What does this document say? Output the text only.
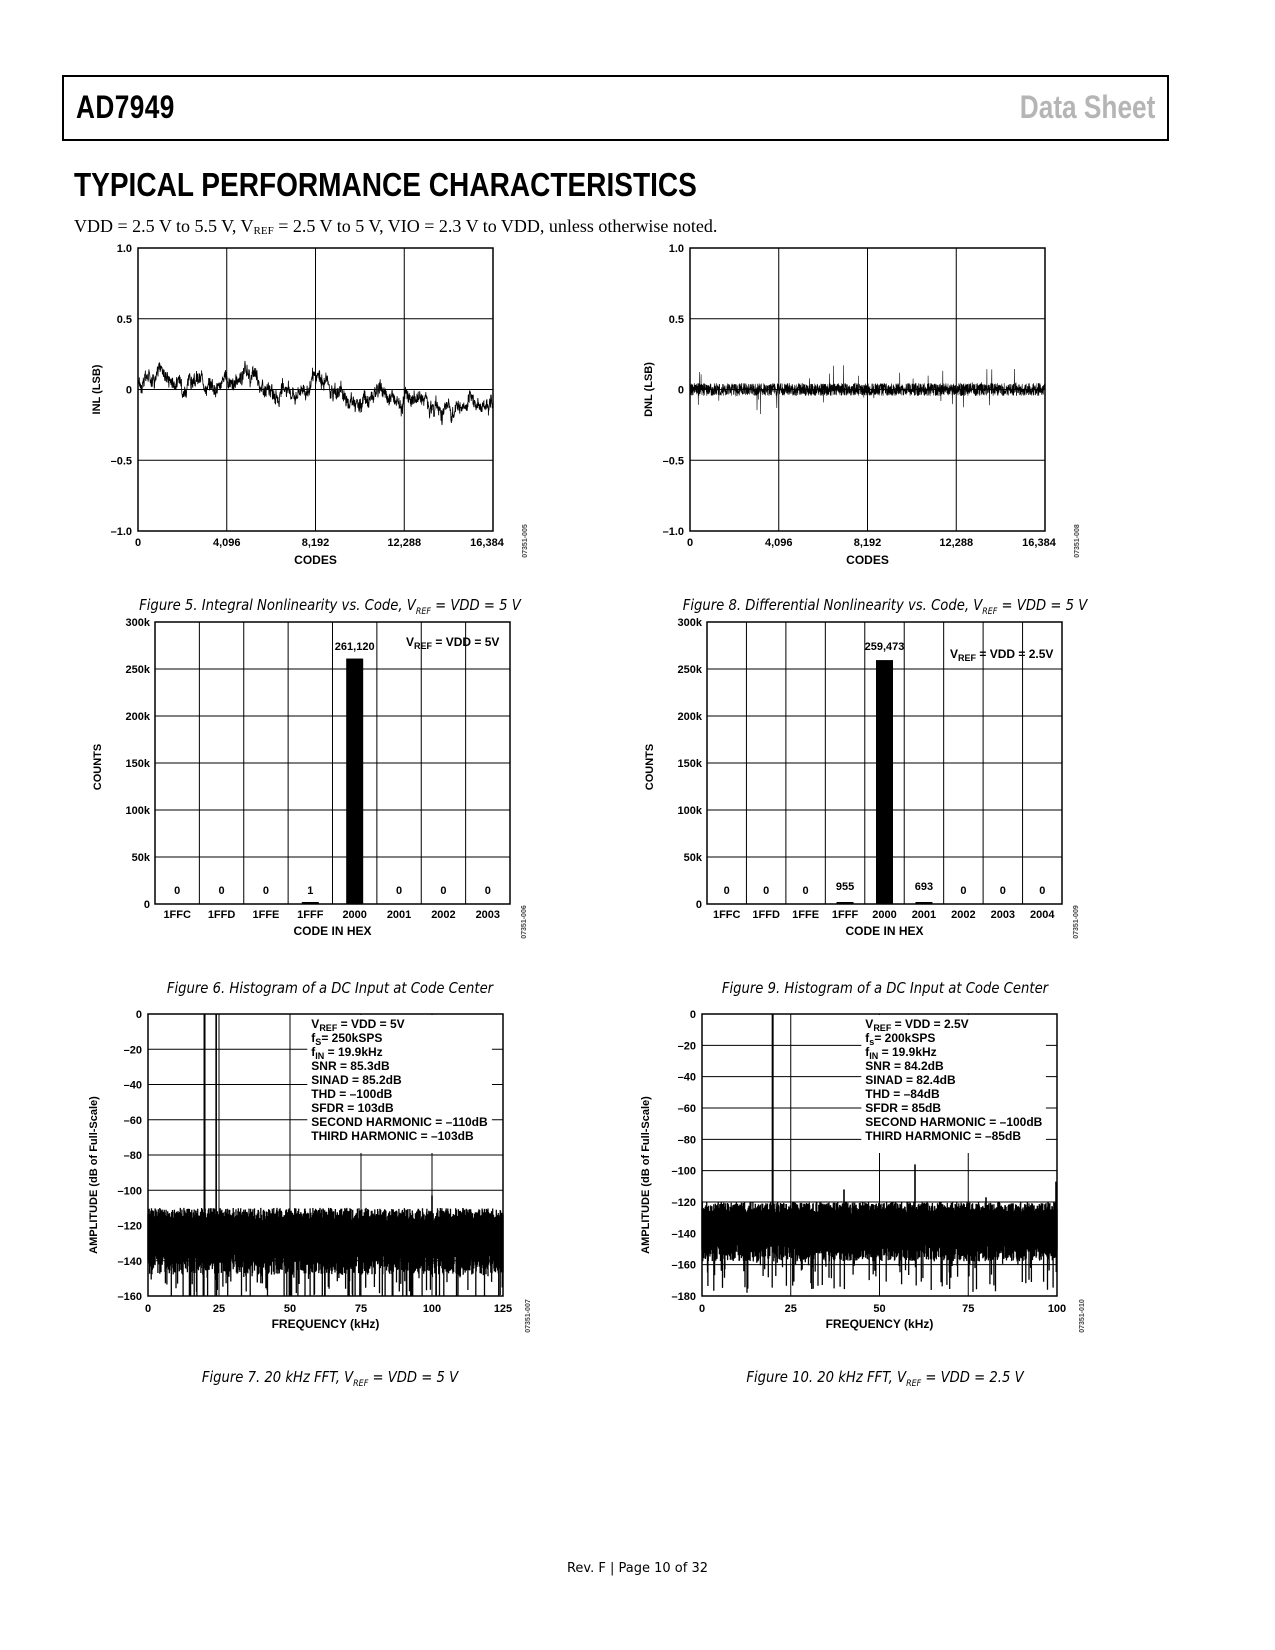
AD7949	Data Sheet
TYPICAL PERFORMANCE CHARACTERISTICS
VDD = 2.5 V to 5.5 V, $V_{REF} = 2.5$ V to 5 V, VIO = 2.3 V to VDD, unless otherwise noted.
1.0
0.5
0
–0.5
–1.0
0	4,096	8,192	12,288	16,384
INL (LSB)
CODES
07351-005
Figure 5. Integral Nonlinearity vs. Code, $V_{REF}$ = VDD = 5 V
1.0
0.5
0
–0.5
–1.0
0	4,096	8,192	12,288	16,384
DNL (LSB)
CODES
07351-008
Figure 8. Differential Nonlinearity vs. Code, $V_{REF}$ = VDD = 5 V
300k
250k
200k
150k
100k
50k
0
1FFC
0
1FFD
0
1FFE
0
1FFF
1
2000 2001
0
2002
0
2003
0
COUNTS
CODE IN HEX	07351-006
261,120	$V_{REF}$ = VDD = 5V
Figure 6. Histogram of a DC Input at Code Center
300k
250k
200k
150k
100k
50k
0
1FFC
0
1FFD
0
1FFE
0
1FFF
955
2000 2001
693
2002
0
2003
0
2004
0
COUNTS
CODE IN HEX	07351-009
259,473	$V_{REF}$ = VDD = 2.5V
Figure 9. Histogram of a DC Input at Code Center
0
–20
–40
–60
–80
–100
–120
–140
–160
0	25	50	75	100	125
$V_{REF}$ = VDD = 5V
$f_S=$ 250kSPS
$f_{IN} = 19.9kHz$
SNR = 85.3dB
SINAD = 85.2dB
THD = –100dB
SFDR = 103dB
SECOND HARMONIC = –110dB
THIRD HARMONIC = –103dB
AMPLITUDE (dB of Full-Scale)
FREQUENCY (kHz)	07351-007
Figure 7. 20 kHz FFT, $V_{REF}$ = VDD = 5 V
0
–20
–40
–60
–80
–100
–120
–140
–160
–180
0	25	50	75	100
$V_{REF}$ = VDD = 2.5V
$f_s=$ 200kSPS
$f_{IN} = 19.9kHz$
SNR = 84.2dB
SINAD = 82.4dB
THD = –84dB
SFDR = 85dB
SECOND HARMONIC = –100dB
THIRD HARMONIC = –85dB
AMPLITUDE (dB of Full-Scale)
FREQUENCY (kHz)	07351-010
Figure 10. 20 kHz FFT, $V_{REF}$ = VDD = 2.5 V
Rev. F | Page 10 of 32
